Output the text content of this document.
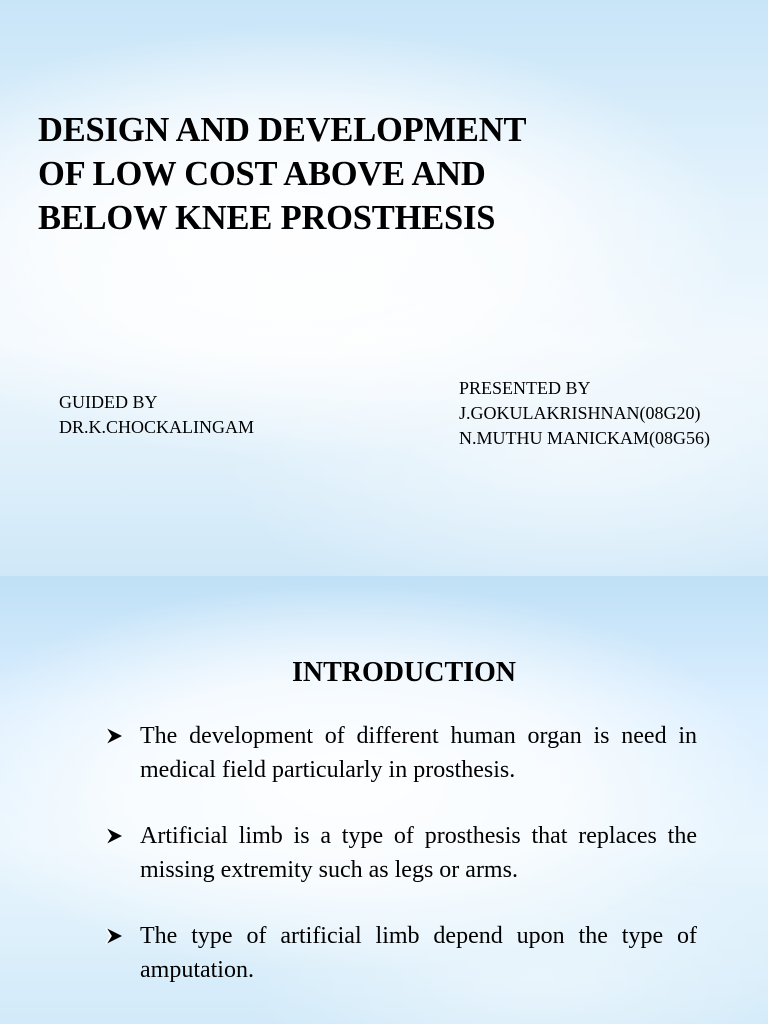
DESIGN AND DEVELOPMENT
OF LOW COST ABOVE AND
BELOW KNEE PROSTHESIS
GUIDED BY
DR.K.CHOCKALINGAM
PRESENTED BY
J.GOKULAKRISHNAN(08G20)
N.MUTHU MANICKAM(08G56)
INTRODUCTION
The development of different human organ is need in medical field particularly in prosthesis.
Artificial limb is a type of prosthesis that replaces the missing extremity such as legs or arms.
The type of artificial limb depend upon the type of amputation.
